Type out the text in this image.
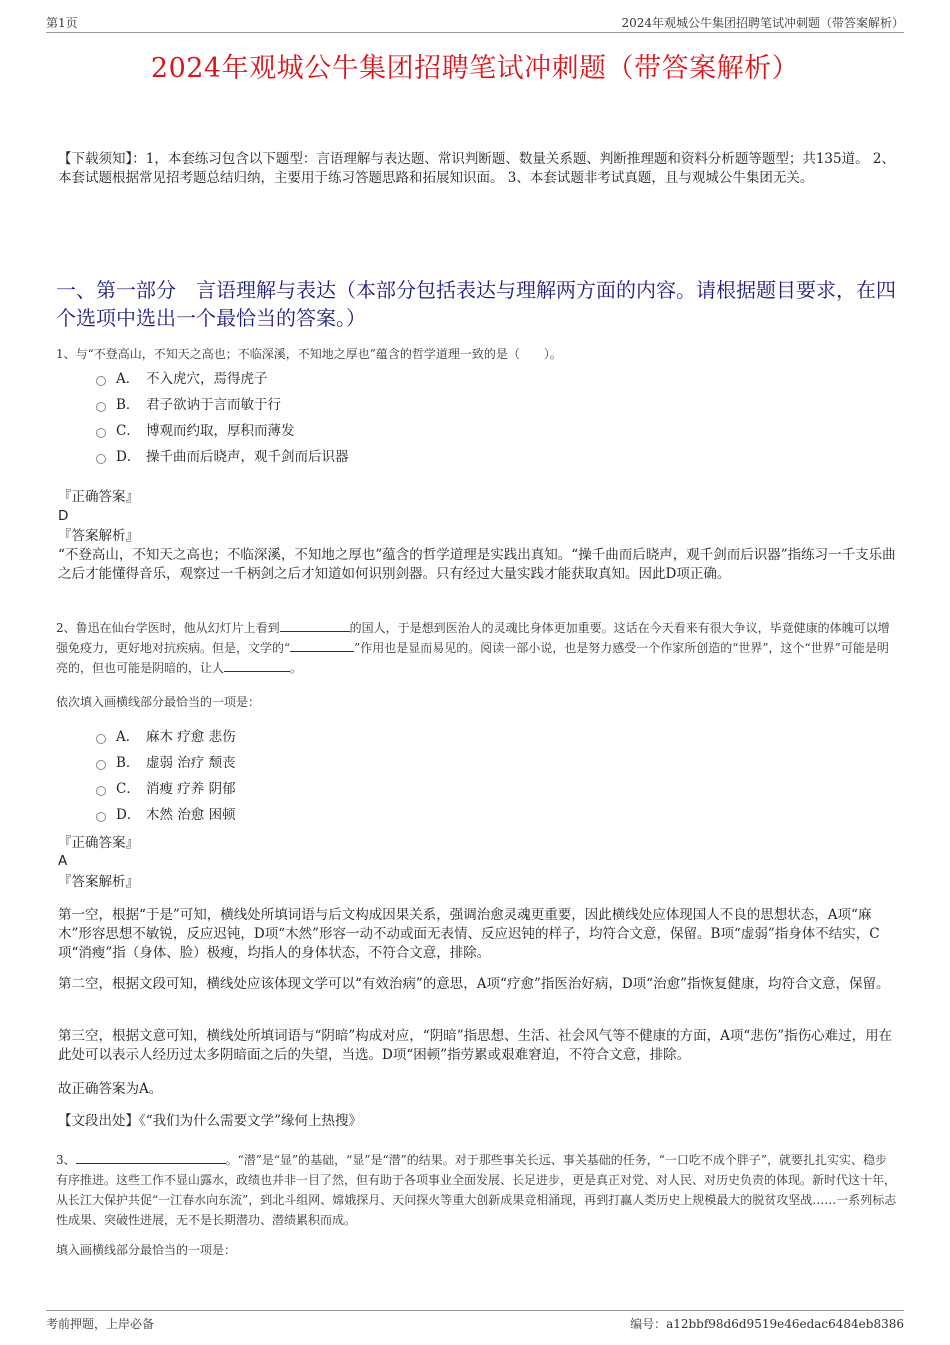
第1页	2024年观城公牛集团招聘笔试冲刺题（带答案解析）
2024年观城公牛集团招聘笔试冲刺题（带答案解析）
【下载须知】：1，本套练习包含以下题型：言语理解与表达题、常识判断题、数量关系题、判断推理题和资料分析题等题型；共135道。 2、本套试题根据常见招考题总结归纳，主要用于练习答题思路和拓展知识面。 3、本套试题非考试真题，且与观城公牛集团无关。
一、第一部分　言语理解与表达（本部分包括表达与理解两方面的内容。请根据题目要求，在四个选项中选出一个最恰当的答案。）
1、与“不登高山，不知天之高也；不临深溪，不知地之厚也”蕴含的哲学道理一致的是（　　）。
A． 不入虎穴，焉得虎子
B． 君子欲讷于言而敏于行
C． 博观而约取，厚积而薄发
D． 操千曲而后晓声，观千剑而后识器
『正确答案』
D
『答案解析』
“不登高山，不知天之高也；不临深溪，不知地之厚也”蕴含的哲学道理是实践出真知。“操千曲而后晓声，观千剑而后识器”指练习一千支乐曲之后才能懂得音乐，观察过一千柄剑之后才知道如何识别剑器。只有经过大量实践才能获取真知。因此D项正确。
2、鲁迅在仙台学医时，他从幻灯片上看到	的国人，于是想到医治人的灵魂比身体更加重要。这话在今天看来有很大争议，毕竟健康的体魄可以增强免疫力，更好地对抗疾病。但是，文学的“	”作用也是显而易见的。阅读一部小说，也是努力感受一个作家所创造的“世界”，这个“世界”可能是明亮的，但也可能是阴暗的，让人	。
依次填入画横线部分最恰当的一项是：
A． 麻木 疗愈 悲伤
B． 虚弱 治疗 颓丧
C． 消瘦 疗养 阴郁
D． 木然 治愈 困顿
『正确答案』
A
『答案解析』
第一空，根据“于是”可知，横线处所填词语与后文构成因果关系，强调治愈灵魂更重要，因此横线处应体现国人不良的思想状态，A项“麻木”形容思想不敏锐，反应迟钝，D项“木然”形容一动不动或面无表情、反应迟钝的样子，均符合文意，保留。B项“虚弱”指身体不结实，C项“消瘦”指（身体、脸）极瘦，均指人的身体状态，不符合文意，排除。
第二空，根据文段可知，横线处应该体现文学可以“有效治病”的意思，A项“疗愈”指医治好病，D项“治愈”指恢复健康，均符合文意，保留。
第三空，根据文意可知，横线处所填词语与“阴暗”构成对应，“阴暗”指思想、生活、社会风气等不健康的方面，A项“悲伤”指伤心难过，用在此处可以表示人经历过太多阴暗面之后的失望，当选。D项“困顿”指劳累或艰难窘迫，不符合文意，排除。
故正确答案为A。
【文段出处】《“我们为什么需要文学”缘何上热搜》
3、	。“潜”是“显”的基础，“显”是“潜”的结果。对于那些事关长远、事关基础的任务，“一口吃不成个胖子”，就要扎扎实实、稳步有序推进。这些工作不显山露水，政绩也并非一目了然，但有助于各项事业全面发展、长足进步，更是真正对党、对人民、对历史负责的体现。新时代这十年，从长江大保护共促“一江春水向东流”，到北斗组网、嫦娥探月、天问探火等重大创新成果竞相涌现，再到打赢人类历史上规模最大的脱贫攻坚战……一系列标志性成果、突破性进展，无不是长期潜功、潜绩累积而成。
填入画横线部分最恰当的一项是：
考前押题，上岸必备	编号：a12bbf98d6d9519e46edac6484eb8386
